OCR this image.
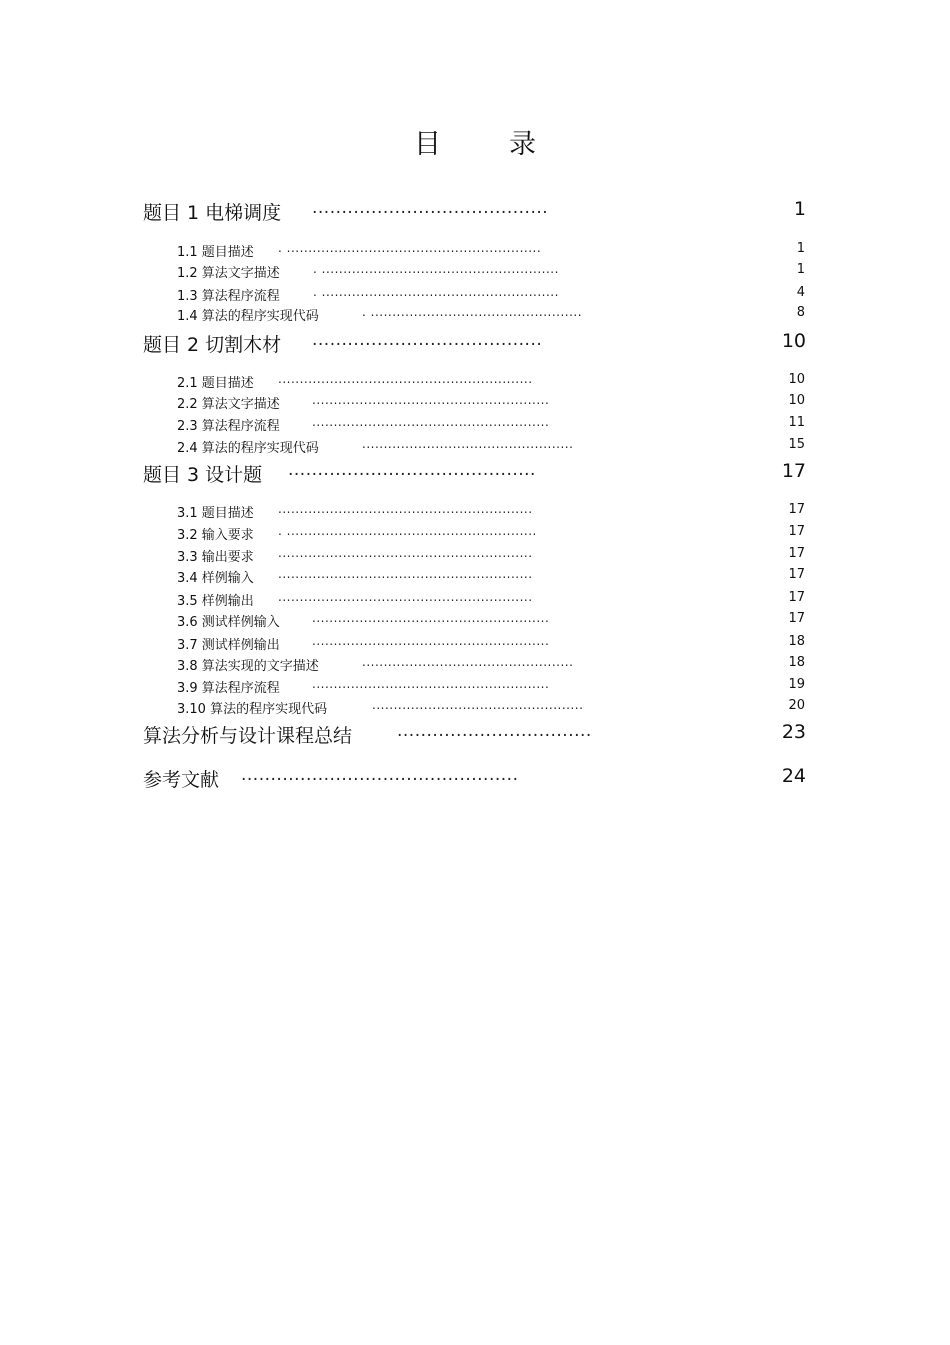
目	录
题目 1 电梯调度 ........................................	1
1.1 题目描述 . ...........................................................	1
1.2 算法文字描述	. .......................................................	1
1.3 算法程序流程	. .......................................................	4
1.4 算法的程序实现代码	. .................................................	8
题目 2 切割木材 .......................................	10
2.1 题目描述 ...........................................................	10
2.2 算法文字描述	.......................................................	10
2.3 算法程序流程	.......................................................	11
2.4 算法的程序实现代码	.................................................	15
题目 3 设计题 ..........................................	17
3.1 题目描述 ...........................................................	17
3.2 输入要求 . ..........................................................	17
3.3 输出要求 ...........................................................	17
3.4 样例输入 ...........................................................	17
3.5 样例输出 ...........................................................	17
3.6 测试样例输入	.......................................................	17
3.7 测试样例输出	.......................................................	18
3.8 算法实现的文字描述	.................................................	18
3.9 算法程序流程	.......................................................	19
3.10 算法的程序实现代码	.................................................	20
算法分析与设计课程总结	.................................	23
参考文献 ...............................................	24
